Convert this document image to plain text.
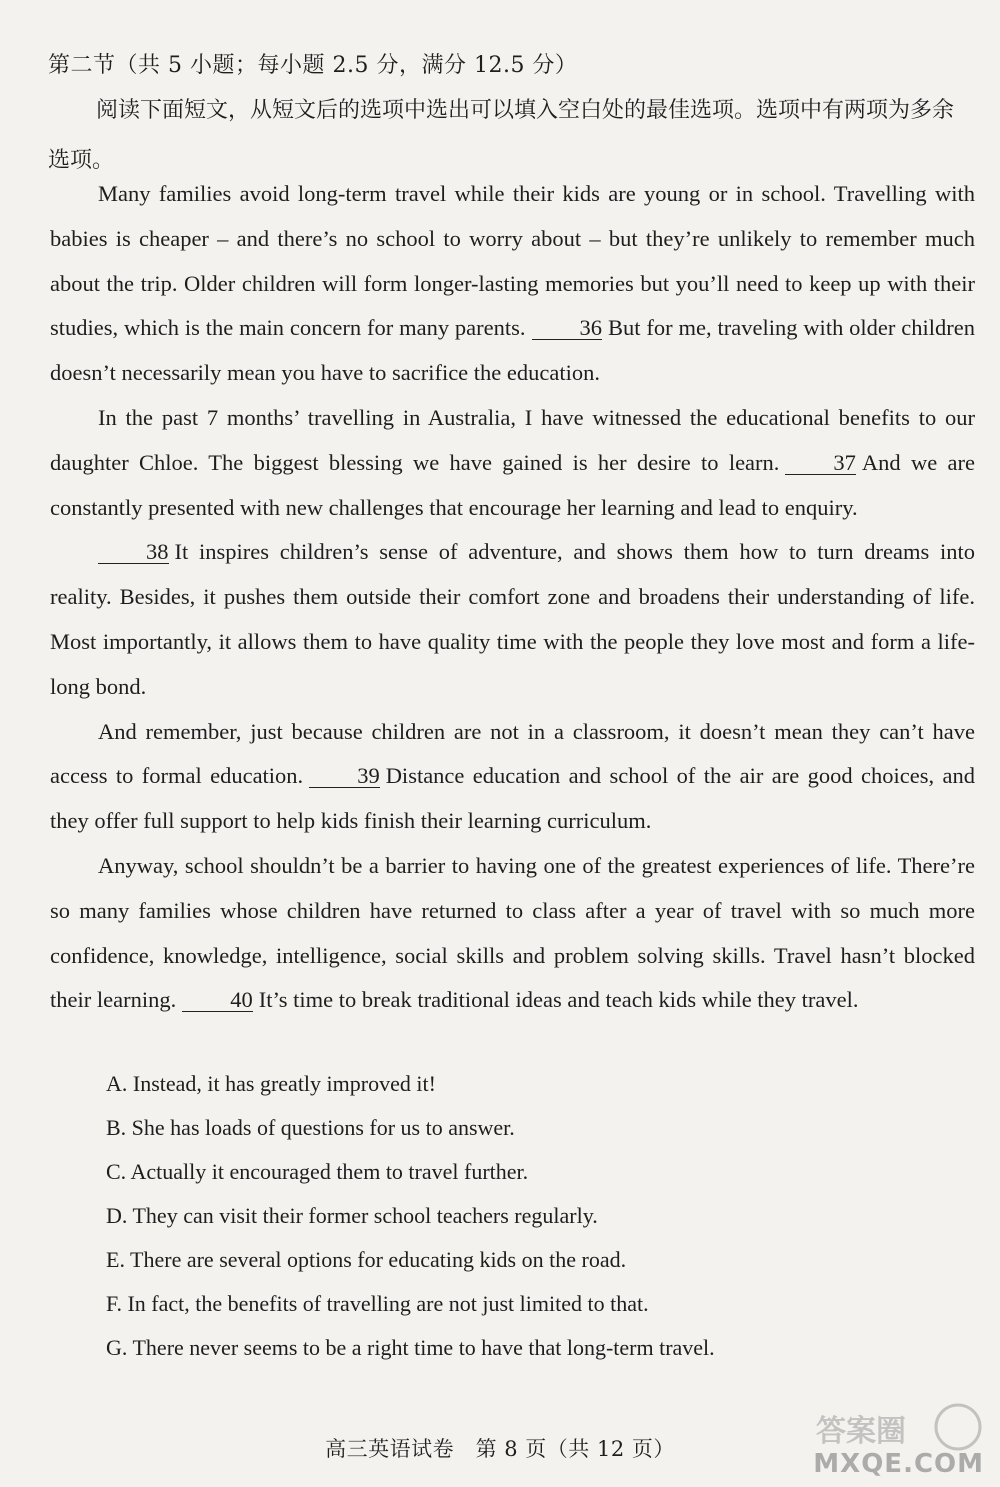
第二节（共 5 小题；每小题 2.5 分，满分 12.5 分）
阅读下面短文，从短文后的选项中选出可以填入空白处的最佳选项。选项中有两项为多余选项。

Many families avoid long-term travel while their kids are young or in school. Travelling with babies is cheaper – and there’s no school to worry about – but they’re unlikely to remember much about the trip. Older children will form longer-lasting memories but you’ll need to keep up with their studies, which is the main concern for many parents. 36 But for me, traveling with older children doesn’t necessarily mean you have to sacrifice the education.

In the past 7 months’ travelling in Australia, I have witnessed the educational benefits to our daughter Chloe. The biggest blessing we have gained is her desire to learn. 37 And we are constantly presented with new challenges that encourage her learning and lead to enquiry.

38 It inspires children’s sense of adventure, and shows them how to turn dreams into reality. Besides, it pushes them outside their comfort zone and broadens their understanding of life. Most importantly, it allows them to have quality time with the people they love most and form a life-long bond.

And remember, just because children are not in a classroom, it doesn’t mean they can’t have access to formal education. 39 Distance education and school of the air are good choices, and they offer full support to help kids finish their learning curriculum.

Anyway, school shouldn’t be a barrier to having one of the greatest experiences of life. There’re so many families whose children have returned to class after a year of travel with so much more confidence, knowledge, intelligence, social skills and problem solving skills. Travel hasn’t blocked their learning. 40 It’s time to break traditional ideas and teach kids while they travel.

A. Instead, it has greatly improved it!
B. She has loads of questions for us to answer.
C. Actually it encouraged them to travel further.
D. They can visit their former school teachers regularly.
E. There are several options for educating kids on the road.
F. In fact, the benefits of travelling are not just limited to that.
G. There never seems to be a right time to have that long-term travel.
高三英语试卷　第 8 页（共 12 页）	答案圈
MXQE.COM
